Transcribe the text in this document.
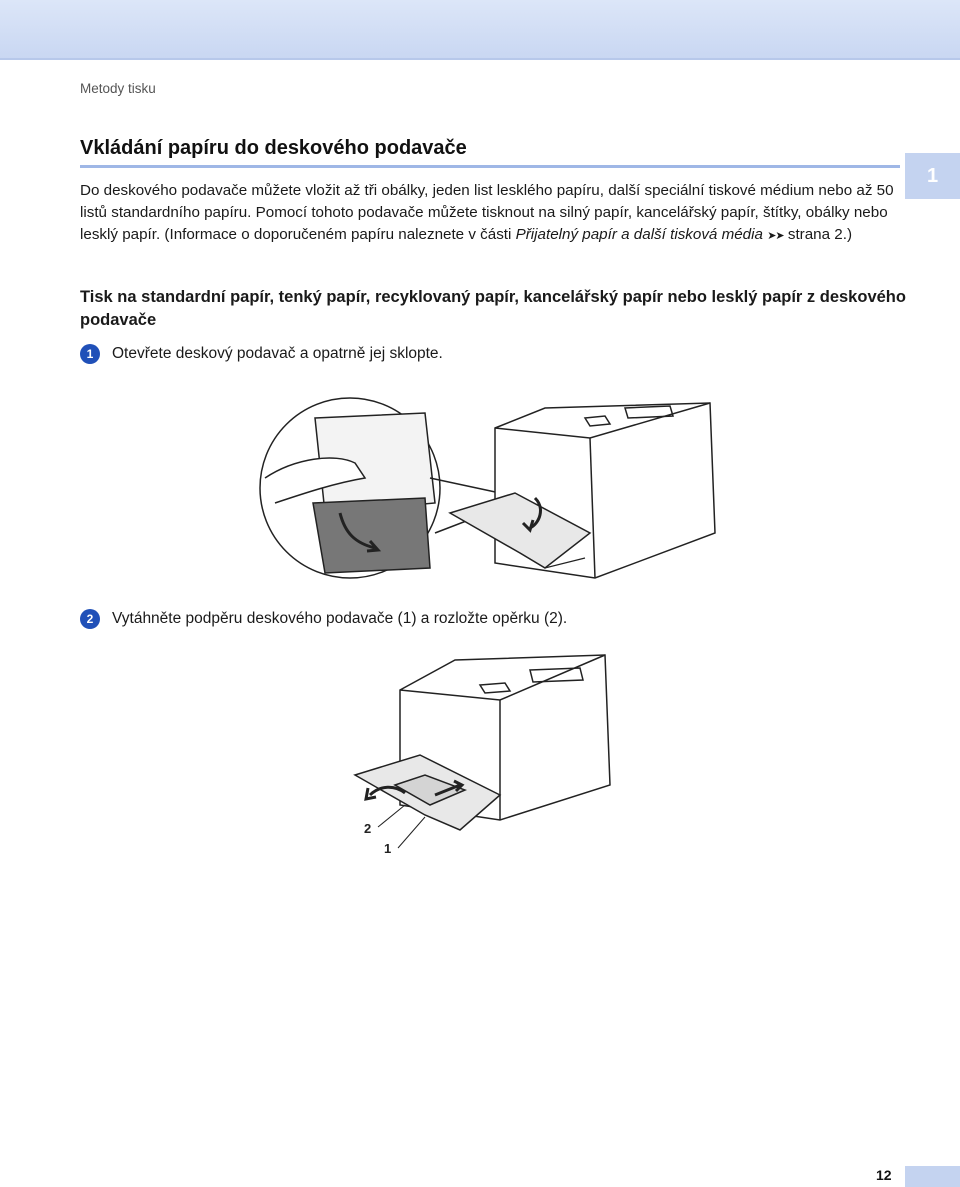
Metody tisku
Vkládání papíru do deskového podavače
1

Do deskového podavače můžete vložit až tři obálky, jeden list lesklého papíru, další speciální tiskové médium nebo až 50 listů standardního papíru. Pomocí tohoto podavače můžete tisknout na silný papír, kancelářský papír, štítky, obálky nebo lesklý papír. (Informace o doporučeném papíru naleznete v části Přijatelný papír a další tisková média ➤➤ strana 2.)

Tisk na standardní papír, tenký papír, recyklovaný papír, kancelářský papír nebo lesklý papír z deskového podavače
1 Otevřete deskový podavač a opatrně jej sklopte.
2 Vytáhněte podpěru deskového podavače (1) a rozložte opěrku (2).
2
1
12
